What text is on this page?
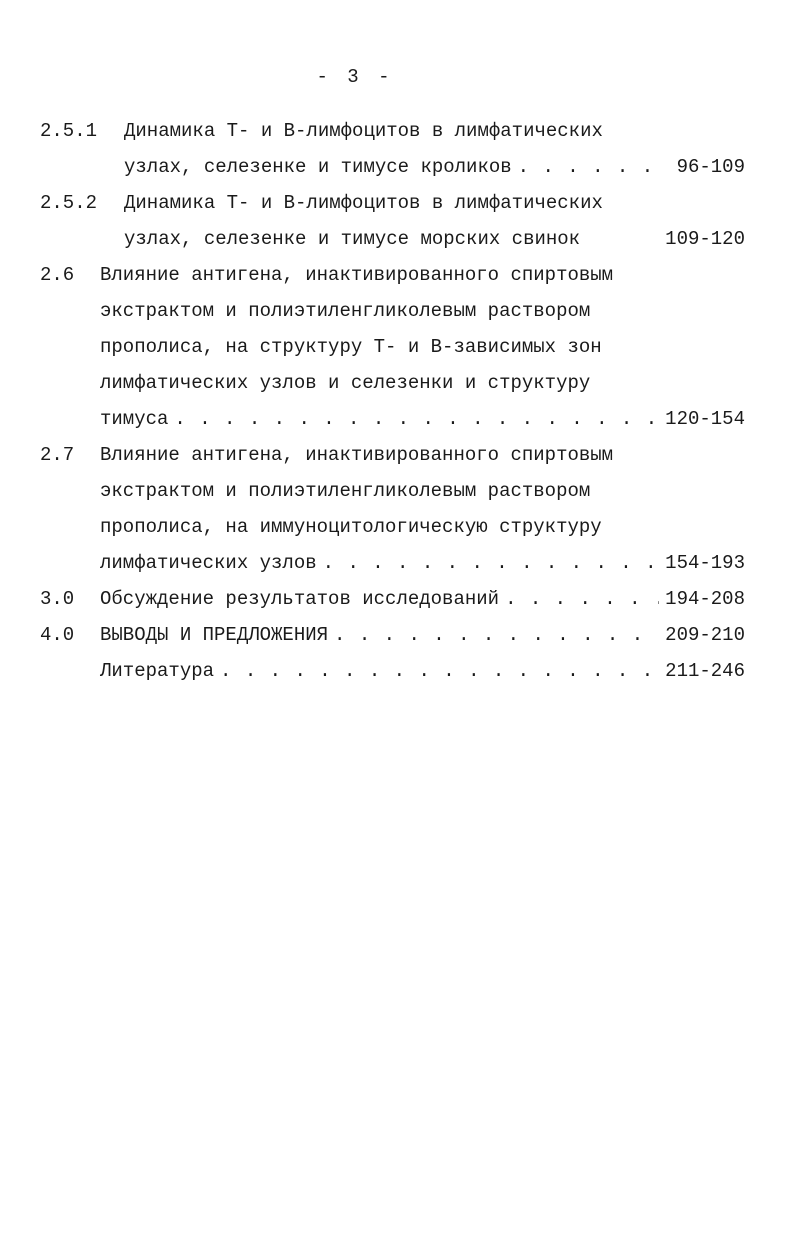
- 3 -
2.5.1	Динамика Т- и В-лимфоцитов в лимфатических
узлах, селезенке и тимусе кроликов . . .	96-109
2.5.2	Динамика Т- и В-лимфоцитов в лимфатических
узлах, селезенке и тимусе морских свинок	109-120
2.6	Влияние антигена, инактивированного спиртовым
экстрактом и полиэтиленгликолевым раствором
прополиса, на структуру Т- и В-зависимых зон
лимфатических узлов и селезенки и структуру
тимуса . . .	120-154
2.7	Влияние антигена, инактивированного спиртовым
экстрактом и полиэтиленгликолевым раствором
прополиса, на иммуноцитологическую структуру
лимфатических узлов . . .	154-193
3.0 Обсуждение результатов исследований . . .	194-208
4.0 ВЫВОДЫ И ПРЕДЛОЖЕНИЯ . . .	209-210
Литература . . .	211-246
